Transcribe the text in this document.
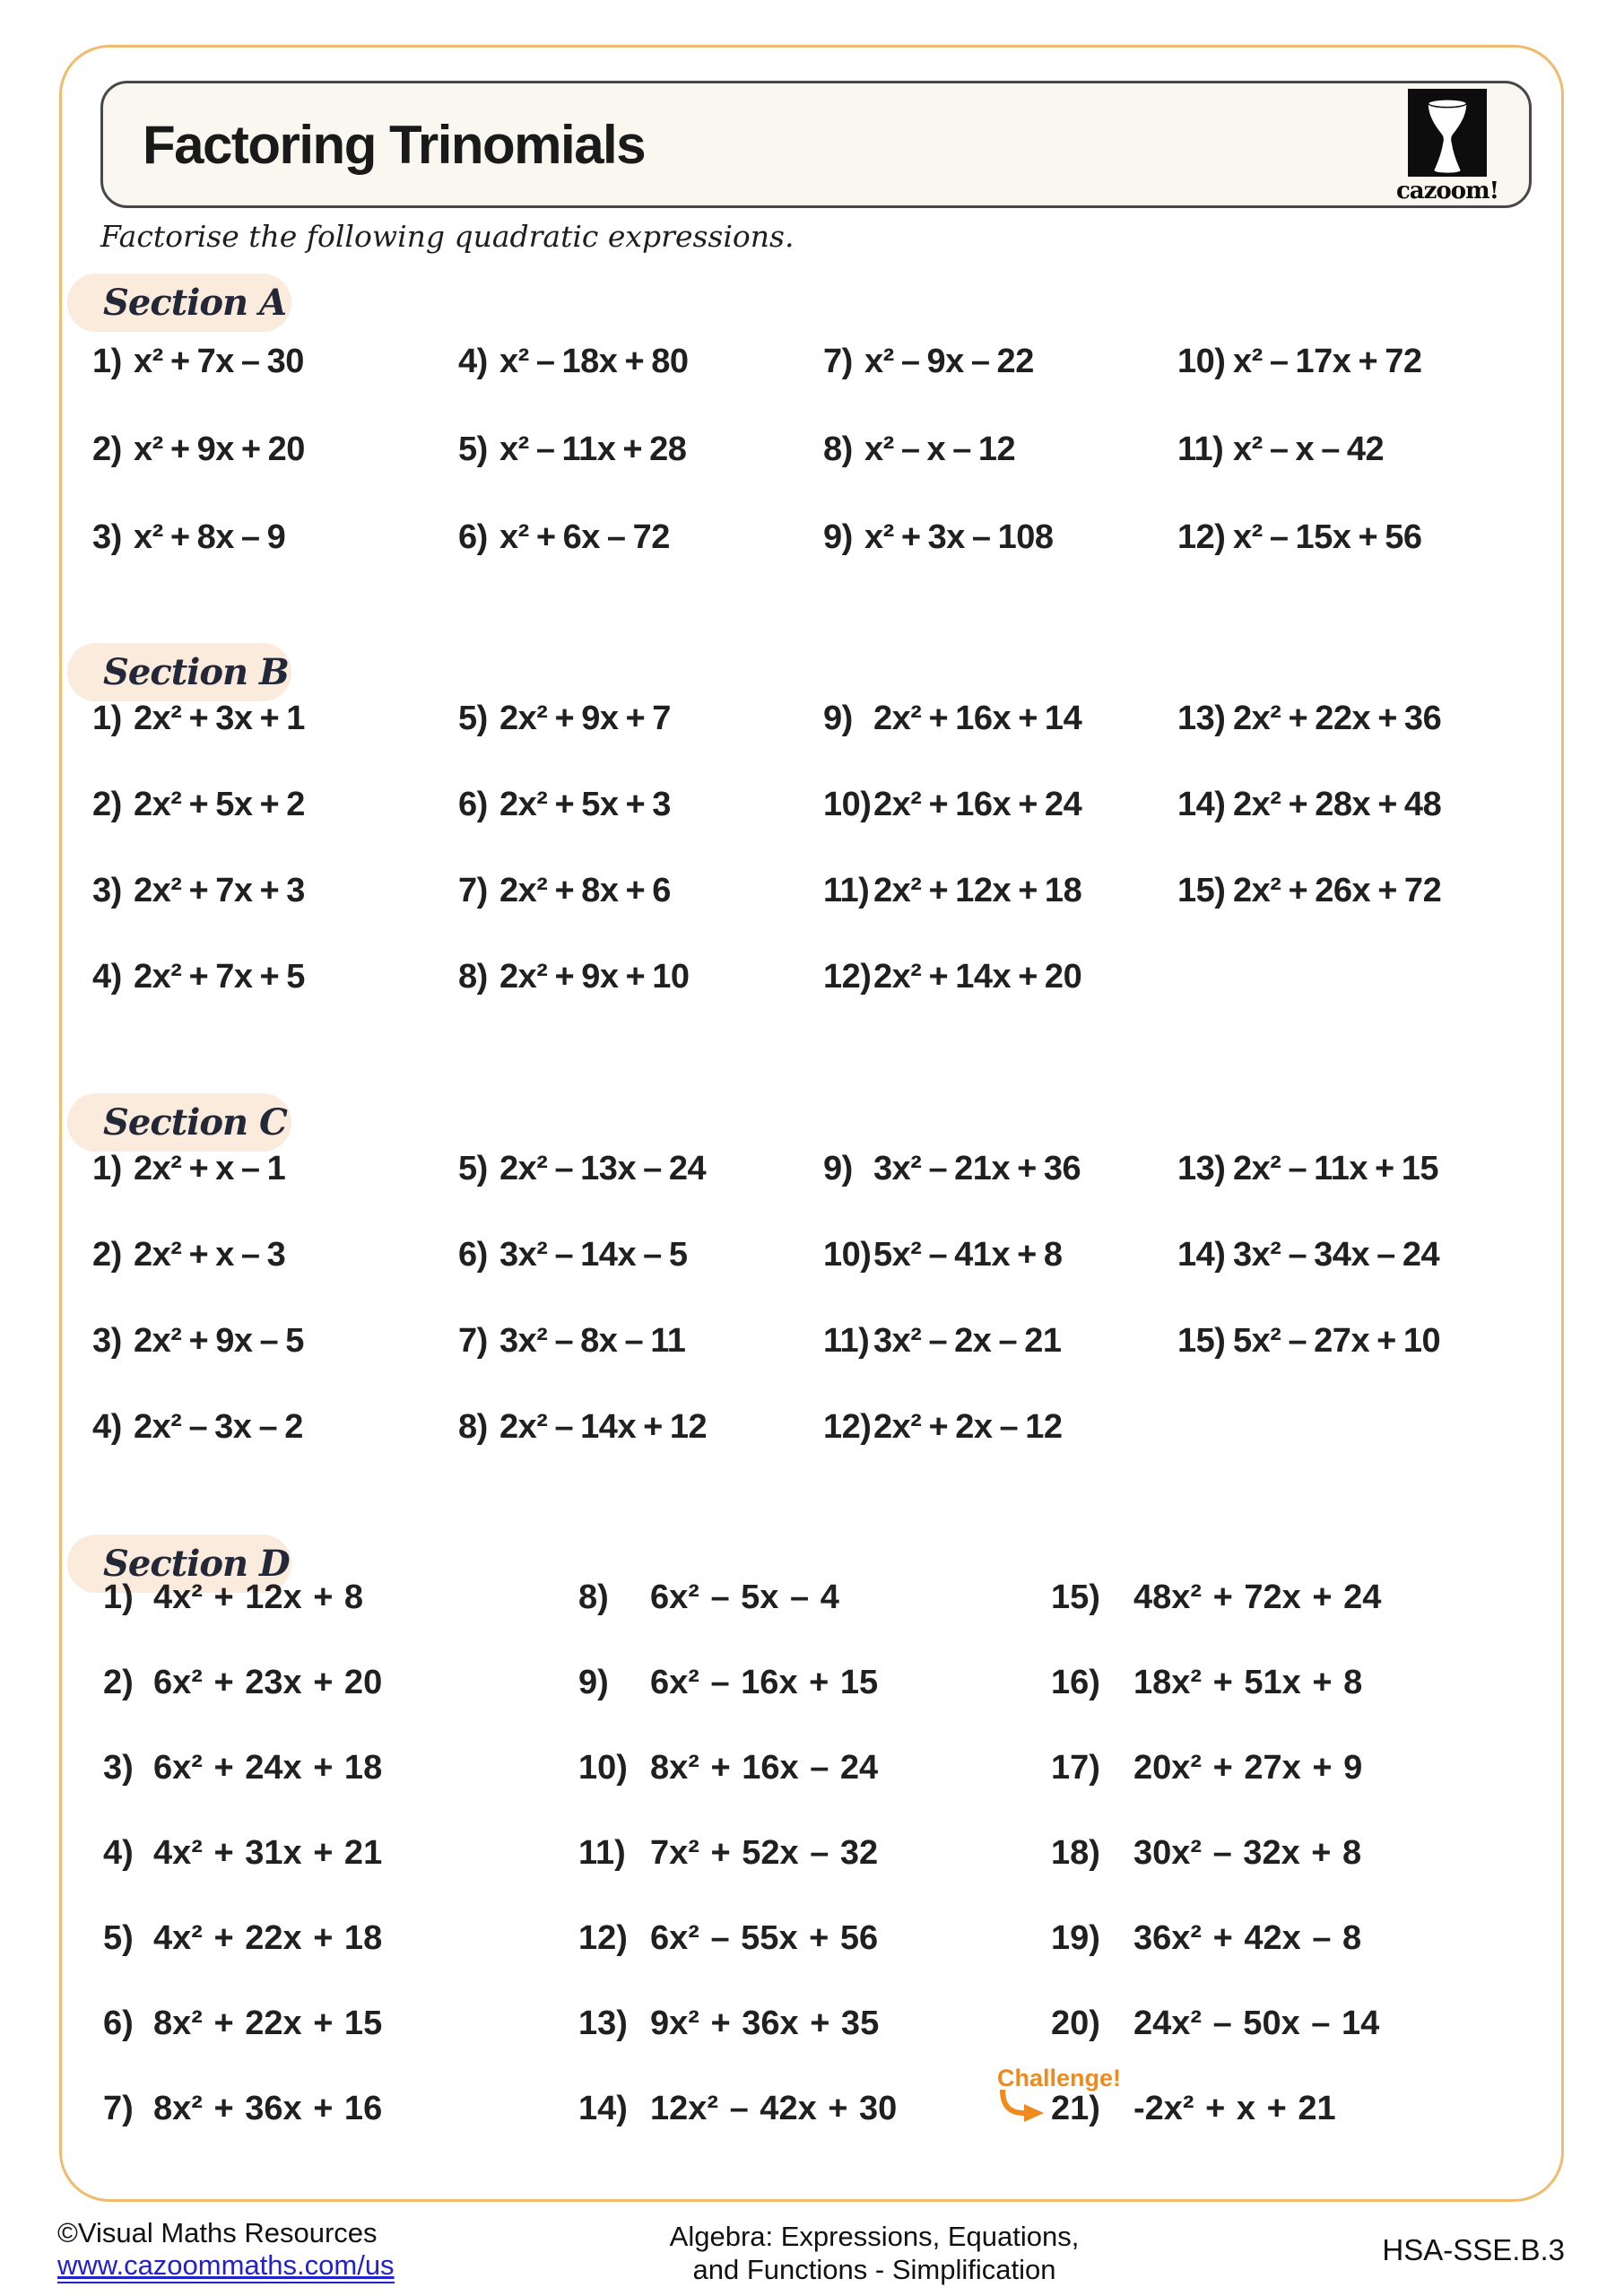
Factoring Trinomials
cazoom!
Factorise the following quadratic expressions.
Section A
1) x² + 7x – 30
2) x² + 9x + 20
3) x² + 8x – 9
4) x² – 18x + 80
5) x² – 11x + 28
6) x² + 6x – 72
7) x² – 9x – 22
8) x² – x – 12
9) x² + 3x – 108
10) x² – 17x + 72
11) x² – x – 42
12) x² – 15x + 56
Section B
1) 2x² + 3x + 1
2) 2x² + 5x + 2
3) 2x² + 7x + 3
4) 2x² + 7x + 5
5) 2x² + 9x + 7
6) 2x² + 5x + 3
7) 2x² + 8x + 6
8) 2x² + 9x + 10
9) 2x² + 16x + 14
10) 2x² + 16x + 24
11) 2x² + 12x + 18
12) 2x² + 14x + 20
13) 2x² + 22x + 36
14) 2x² + 28x + 48
15) 2x² + 26x + 72
Section C
1) 2x² + x – 1
2) 2x² + x – 3
3) 2x² + 9x – 5
4) 2x² – 3x – 2
5) 2x² – 13x – 24
6) 3x² – 14x – 5
7) 3x² – 8x – 11
8) 2x² – 14x + 12
9) 3x² – 21x + 36
10) 5x² – 41x + 8
11) 3x² – 2x – 21
12) 2x² + 2x – 12
13) 2x² – 11x + 15
14) 3x² – 34x – 24
15) 5x² – 27x + 10
Section D
1) 4x² + 12x + 8
2) 6x² + 23x + 20
3) 6x² + 24x + 18
4) 4x² + 31x + 21
5) 4x² + 22x + 18
6) 8x² + 22x + 15
7) 8x² + 36x + 16
8)	6x² – 5x – 4
9)	6x² – 16x + 15
10) 8x² + 16x – 24
11) 7x² + 52x – 32
12) 6x² – 55x + 56
13) 9x² + 36x + 35
14) 12x² – 42x + 30
15) 48x² + 72x + 24
16) 18x² + 51x + 8
17) 20x² + 27x + 9
18) 30x² – 32x + 8
19) 36x² + 42x – 8
20) 24x² – 50x – 14
21) -2x² + x + 21
Challenge!
©Visual Maths Resources
www.cazoommaths.com/us
Algebra: Expressions, Equations,
and Functions - Simplification
HSA-SSE.B.3
